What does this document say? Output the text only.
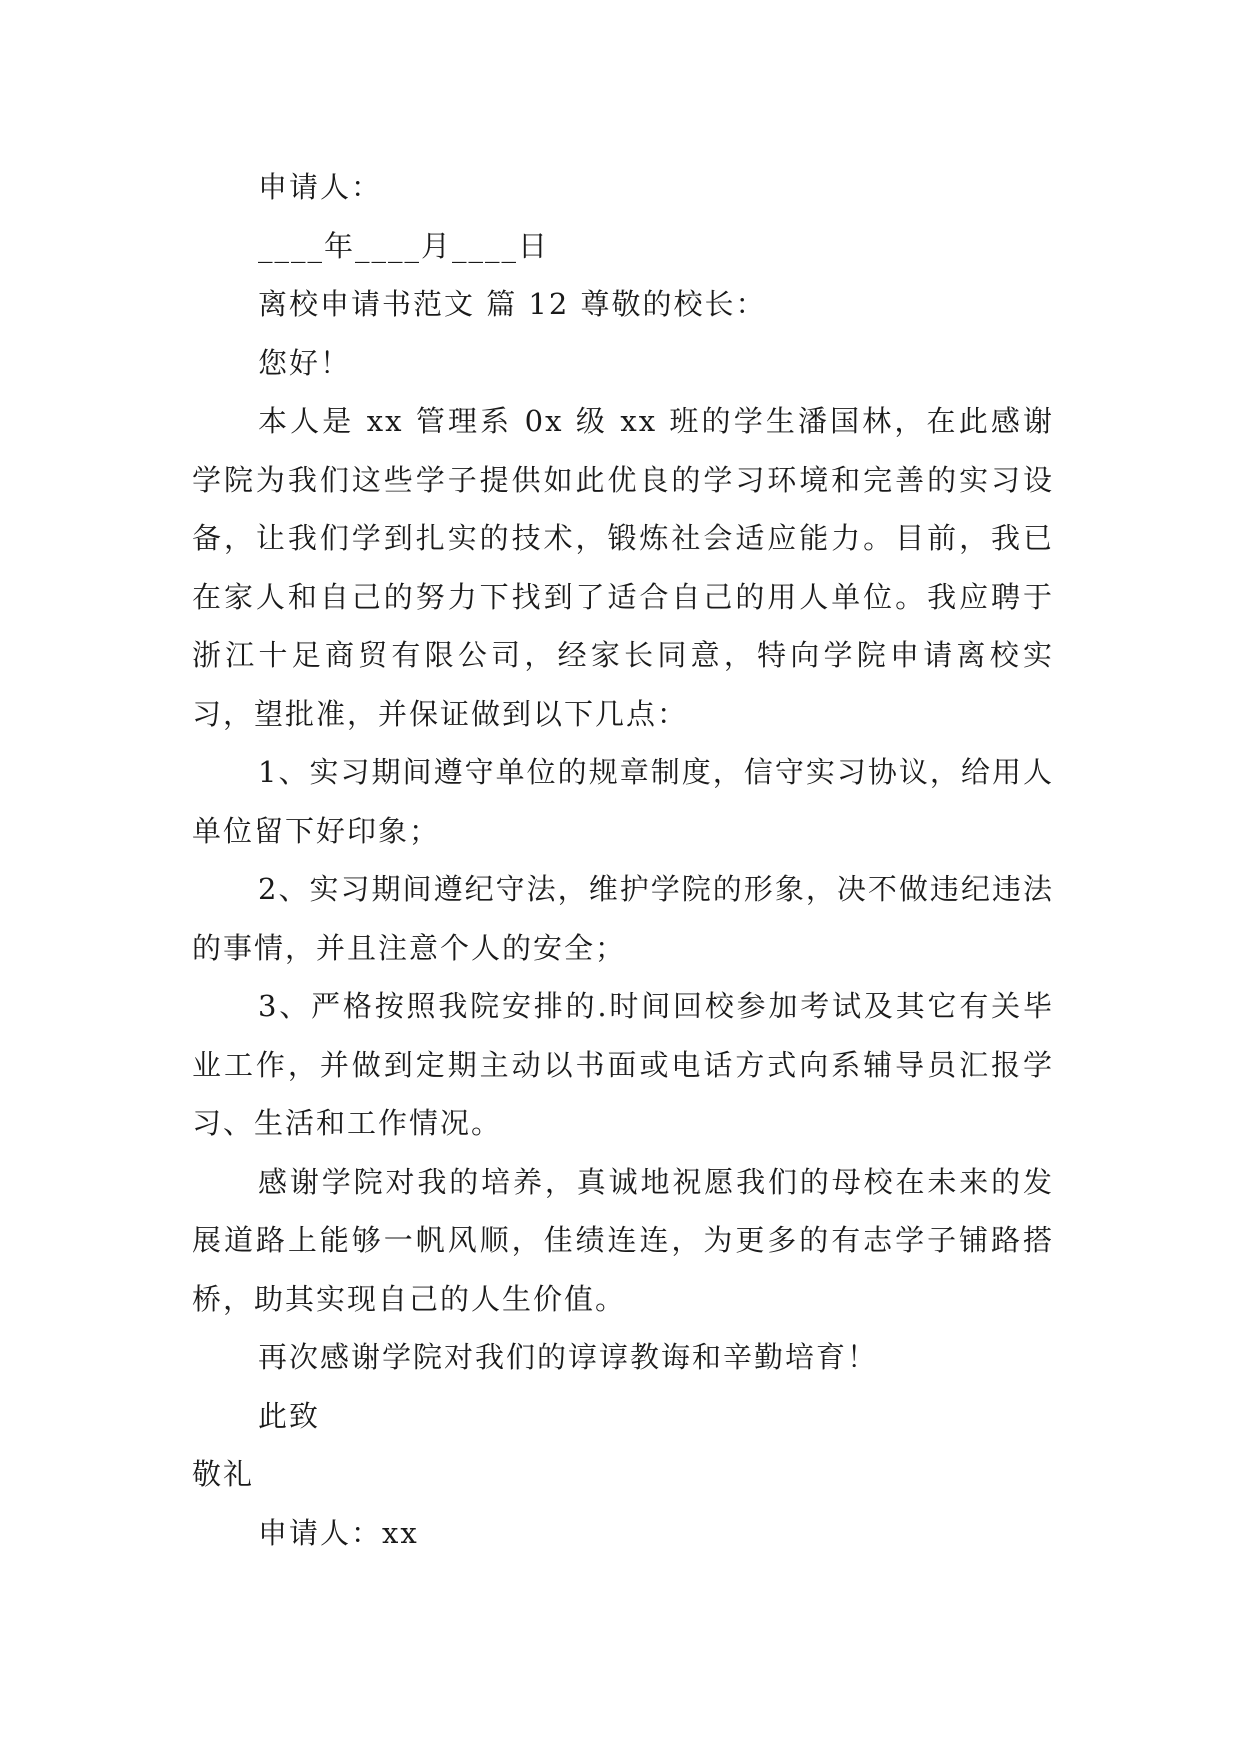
申请人：

____年____月____日

离校申请书范文 篇 12 尊敬的校长：

您好！

本人是 xx 管理系 0x 级 xx 班的学生潘国林，在此感谢学院为我们这些学子提供如此优良的学习环境和完善的实习设备，让我们学到扎实的技术，锻炼社会适应能力。目前，我已在家人和自己的努力下找到了适合自己的用人单位。我应聘于浙江十足商贸有限公司，经家长同意，特向学院申请离校实习，望批准，并保证做到以下几点：

1、实习期间遵守单位的规章制度，信守实习协议，给用人单位留下好印象；

2、实习期间遵纪守法，维护学院的形象，决不做违纪违法的事情，并且注意个人的安全；

3、严格按照我院安排的.时间回校参加考试及其它有关毕业工作，并做到定期主动以书面或电话方式向系辅导员汇报学习、生活和工作情况。

感谢学院对我的培养，真诚地祝愿我们的母校在未来的发展道路上能够一帆风顺，佳绩连连，为更多的有志学子铺路搭桥，助其实现自己的人生价值。

再次感谢学院对我们的谆谆教诲和辛勤培育！

此致

敬礼

申请人：xx
